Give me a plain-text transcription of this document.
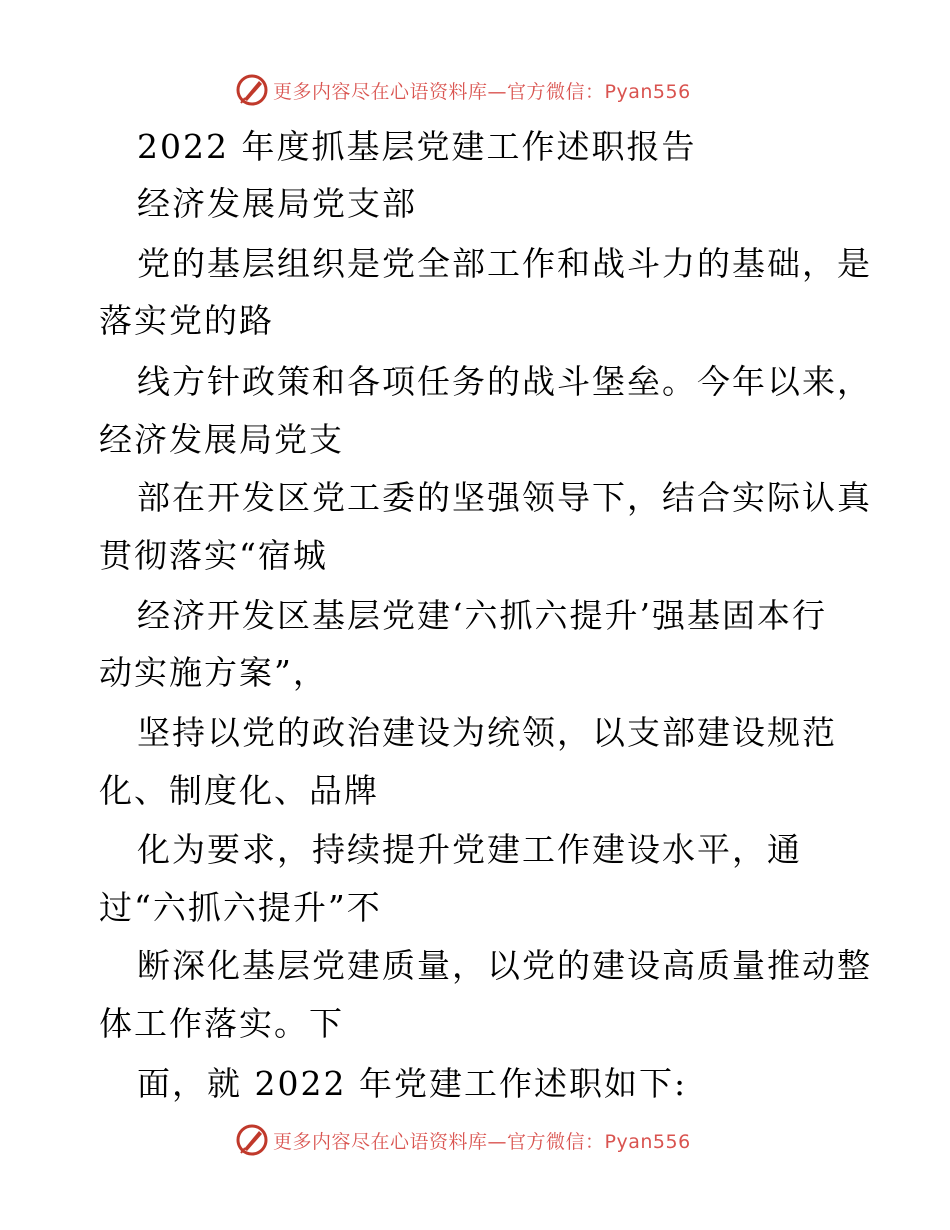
更多内容尽在心语资料库—官方微信：Pyan556
2022 年度抓基层党建工作述职报告
经济发展局党支部
党的基层组织是党全部工作和战斗力的基础，是
落实党的路
线方针政策和各项任务的战斗堡垒。今年以来，
经济发展局党支
部在开发区党工委的坚强领导下，结合实际认真
贯彻落实“宿城
经济开发区基层党建‘六抓六提升’强基固本行
动实施方案”，
坚持以党的政治建设为统领，以支部建设规范
化、制度化、品牌
化为要求，持续提升党建工作建设水平，通
过“六抓六提升”不
断深化基层党建质量，以党的建设高质量推动整
体工作落实。下
面，就 2022 年党建工作述职如下:
更多内容尽在心语资料库—官方微信：Pyan556
